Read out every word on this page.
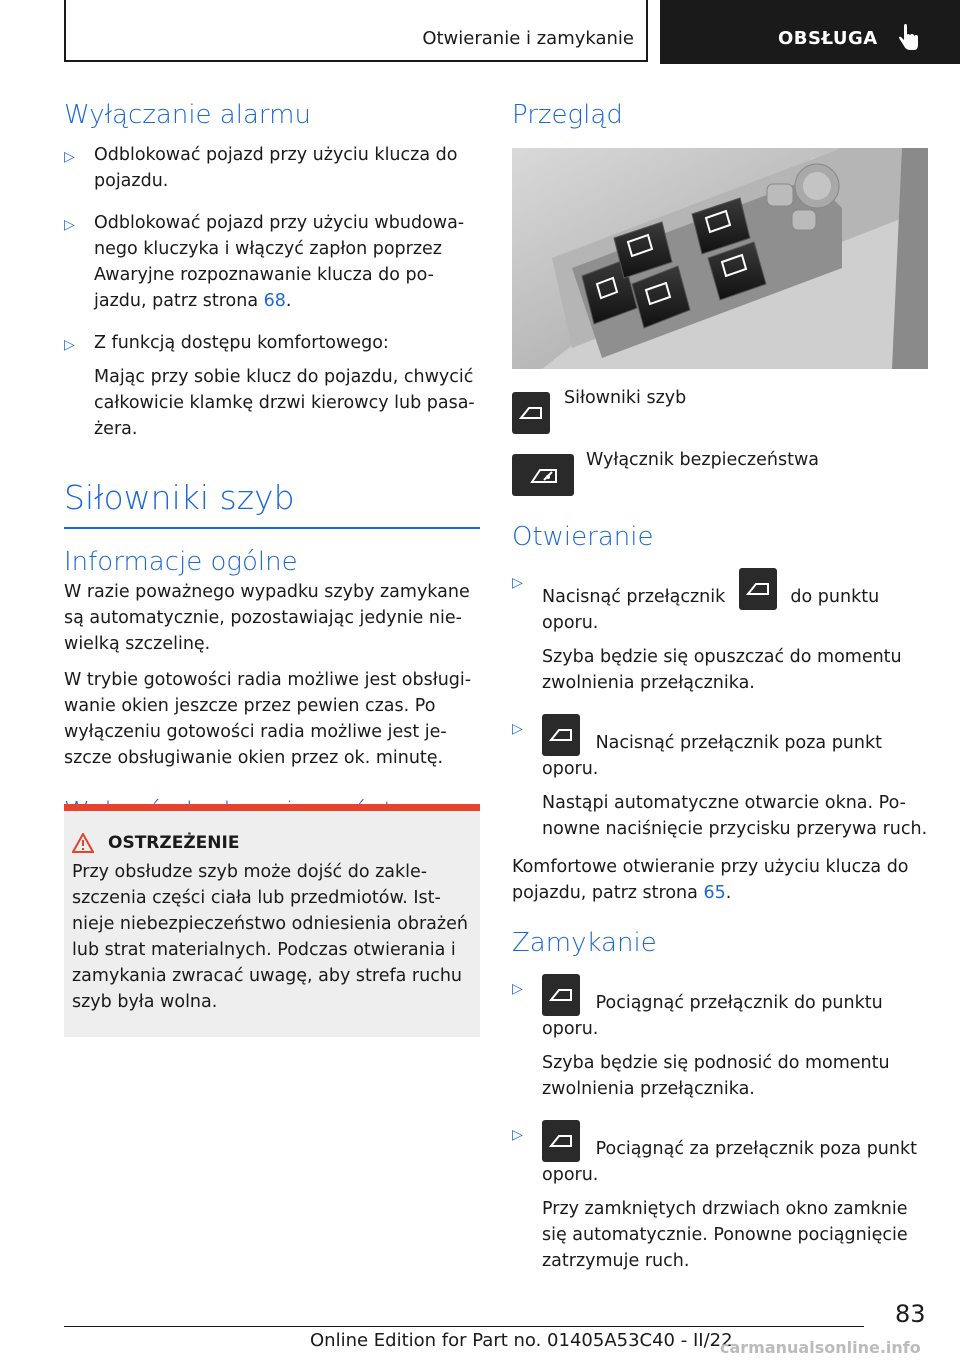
Otwieranie i zamykanie	OBSŁUGA
Wyłączanie alarmu
▷ Odblokować pojazd przy użyciu klucza do pojazdu.
▷ Odblokować pojazd przy użyciu wbudowa-nego kluczyka i włączyć zapłon poprzez Awaryjne rozpoznawanie klucza do po-jazdu, patrz strona 68.
▷ Z funkcją dostępu komfortowego:
Mając przy sobie klucz do pojazdu, chwycić całkowicie klamkę drzwi kierowcy lub pasa-żera.
Siłowniki szyb
Informacje ogólne

W razie poważnego wypadku szyby zamykane są automatycznie, pozostawiając jedynie nie-wielką szczelinę.

W trybie gotowości radia możliwe jest obsługi-wanie okien jeszcze przez pewien czas. Po wyłączeniu gotowości radia możliwe jest je-szcze obsługiwanie okien przez ok. minutę.

OSTRZEŻENIE

Przy obsłudze szyb może dojść do zakle-szczenia części ciała lub przedmiotów. Ist-nieje niebezpieczeństwo odniesienia obrażeń lub strat materialnych. Podczas otwierania i zamykania zwracać uwagę, aby strefa ruchu szyb była wolna.

Przegląd
Siłowniki szyb
Wyłącznik bezpieczeństwa
Otwieranie
▷
Nacisnąć przełącznik	do punktu oporu.
Szyba będzie się opuszczać do momentu zwolnienia przełącznika.
▷
Nacisnąć przełącznik poza punkt oporu.
Nastąpi automatyczne otwarcie okna. Po-nowne naciśnięcie przycisku przerywa ruch.

Komfortowe otwieranie przy użyciu klucza do pojazdu, patrz strona 65.

Zamykanie
▷
Pociągnąć przełącznik do punktu oporu.
Szyba będzie się podnosić do momentu zwolnienia przełącznika.
▷
Pociągnąć za przełącznik poza punkt oporu.
Przy zamkniętych drzwiach okno zamknie się automatycznie. Ponowne pociągnięcie zatrzymuje ruch.
83
Online Edition for Part no. 01405A53C40 - II/22
carmanualsonline.info
